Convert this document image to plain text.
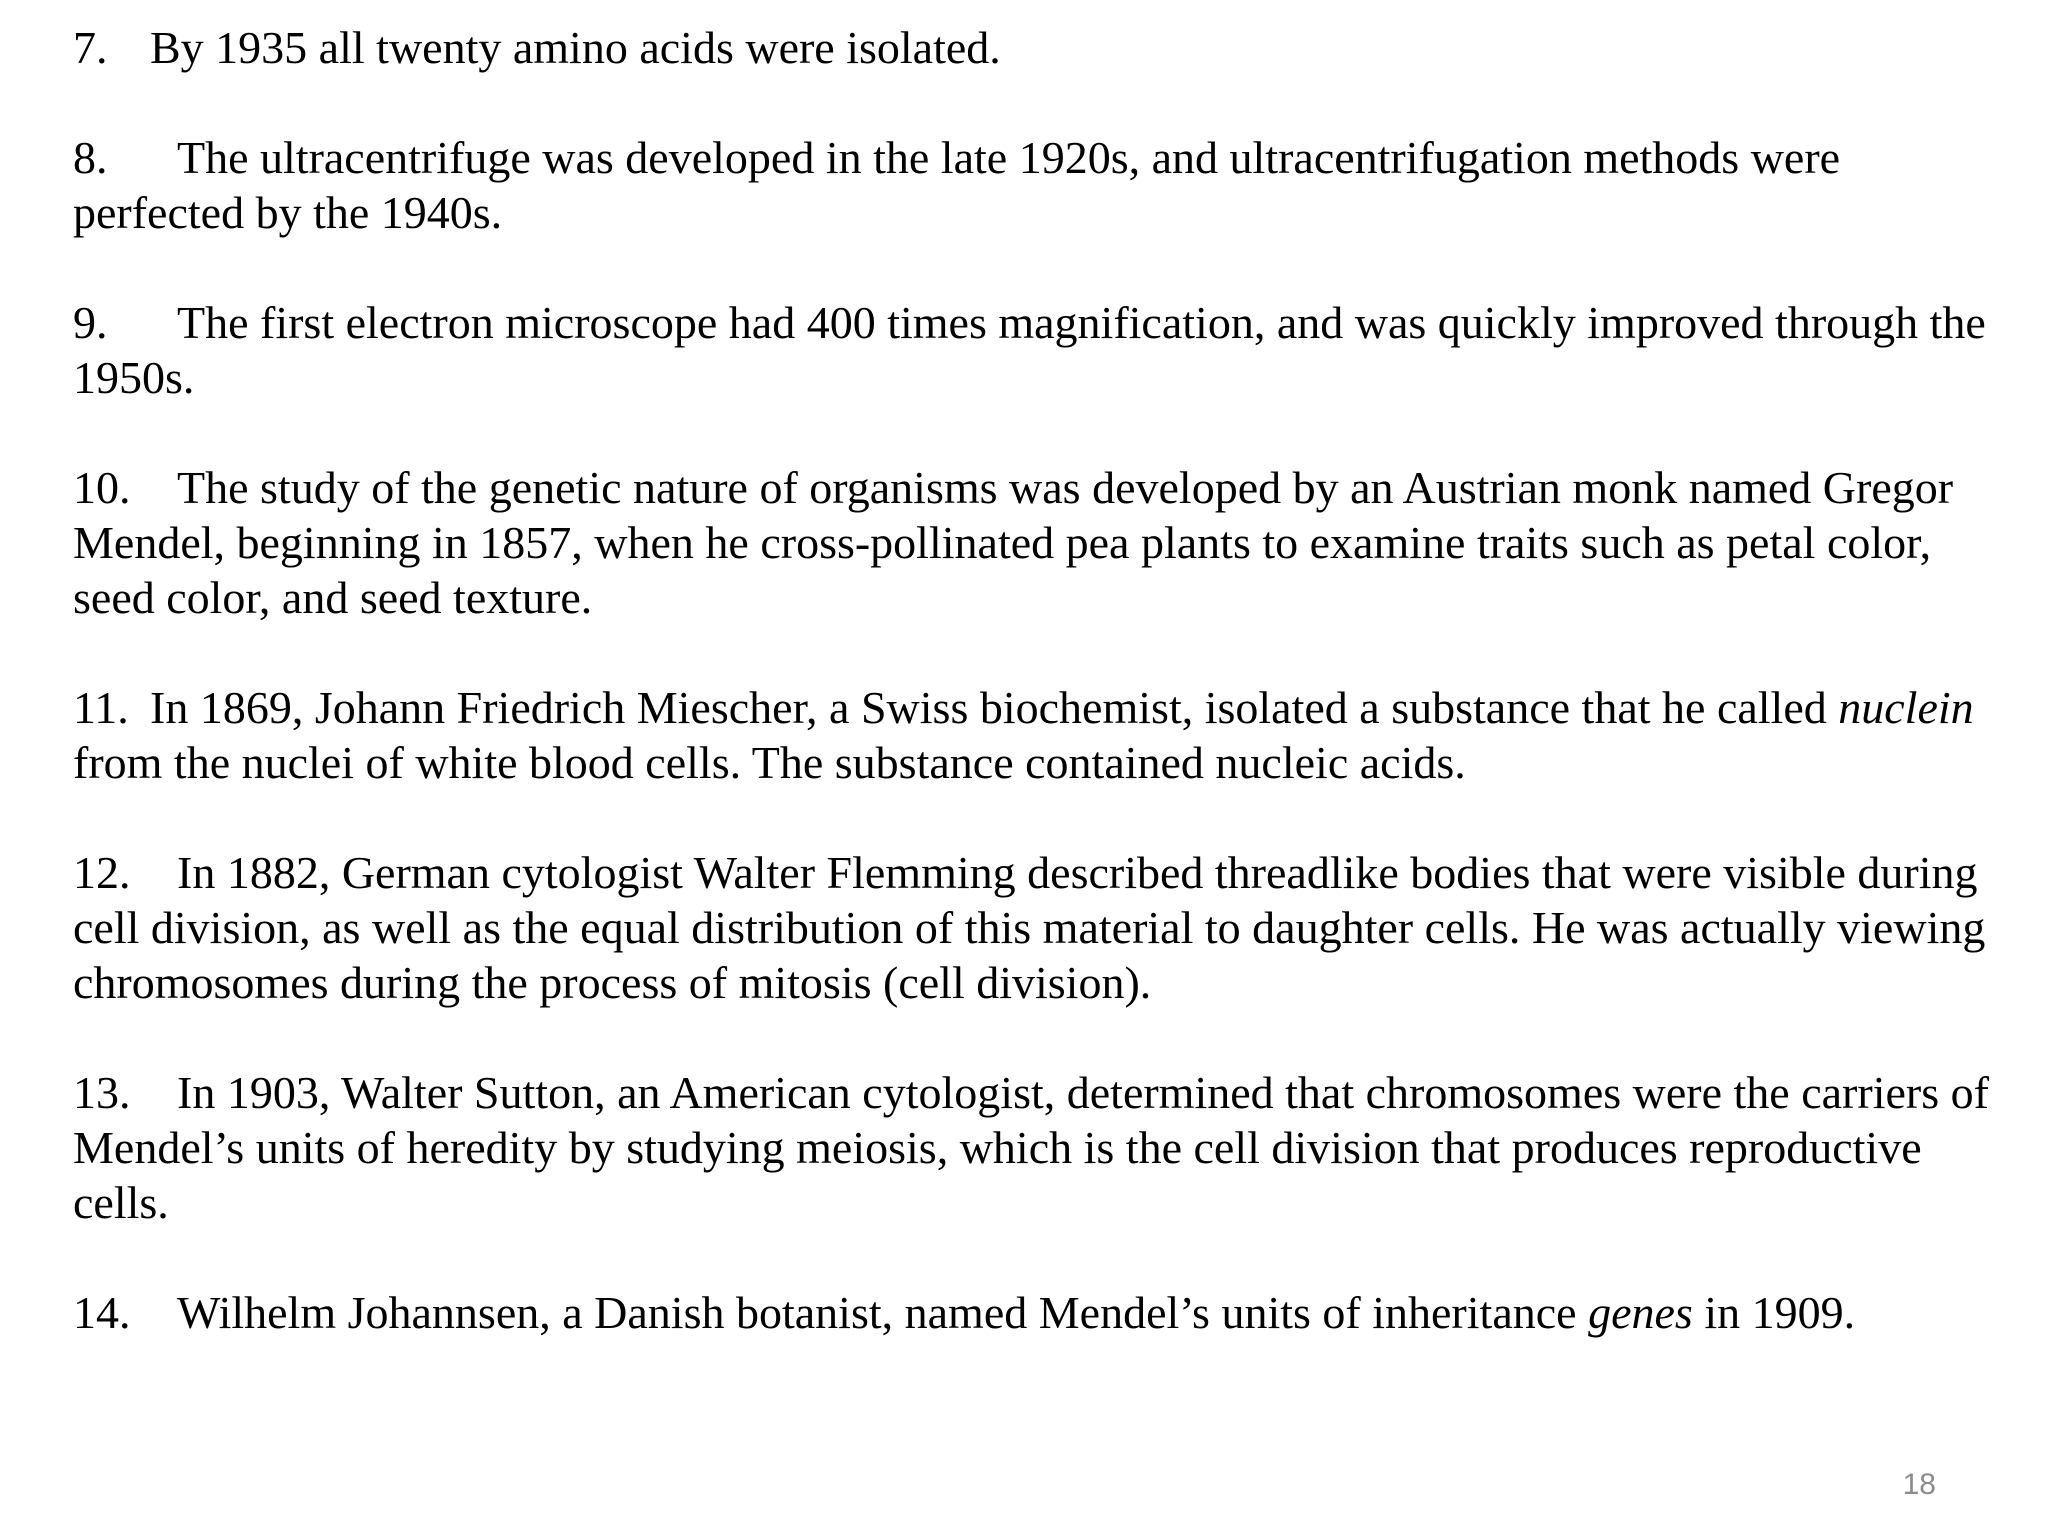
7. By 1935 all twenty amino acids were isolated.

8. The ultracentrifuge was developed in the late 1920s, and ultracentrifugation methods were perfected by the 1940s.

9. The first electron microscope had 400 times magnification, and was quickly improved through the 1950s.

10. The study of the genetic nature of organisms was developed by an Austrian monk named Gregor Mendel, beginning in 1857, when he cross-pollinated pea plants to examine traits such as petal color, seed color, and seed texture.

11. In 1869, Johann Friedrich Miescher, a Swiss biochemist, isolated a substance that he called nuclein from the nuclei of white blood cells. The substance contained nucleic acids.

12. In 1882, German cytologist Walter Flemming described threadlike bodies that were visible during cell division, as well as the equal distribution of this material to daughter cells. He was actually viewing chromosomes during the process of mitosis (cell division).

13. In 1903, Walter Sutton, an American cytologist, determined that chromosomes were the carriers of Mendel’s units of heredity by studying meiosis, which is the cell division that produces reproductive cells.

14. Wilhelm Johannsen, a Danish botanist, named Mendel’s units of inheritance genes in 1909.

18
